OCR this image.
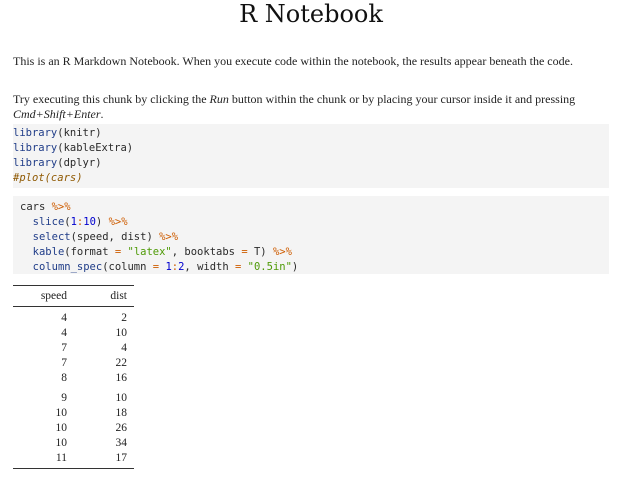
R Notebook

This is an R Markdown Notebook. When you execute code within the notebook, the results appear beneath the code.

Try executing this chunk by clicking the Run button within the chunk or by placing your cursor inside it and pressing Cmd+Shift+Enter.

library(knitr)
library(kableExtra)
library(dplyr)
#plot(cars)
cars %>%
slice(1:10) %>%
select(speed, dist) %>%
kable(format = "latex", booktabs = T) %>%
column_spec(column = 1:2, width = "0.5in")
speed	dist
4	2
4	10
7	4
7	22
8	16
9	10
10	18
10	26
10	34
11	17
